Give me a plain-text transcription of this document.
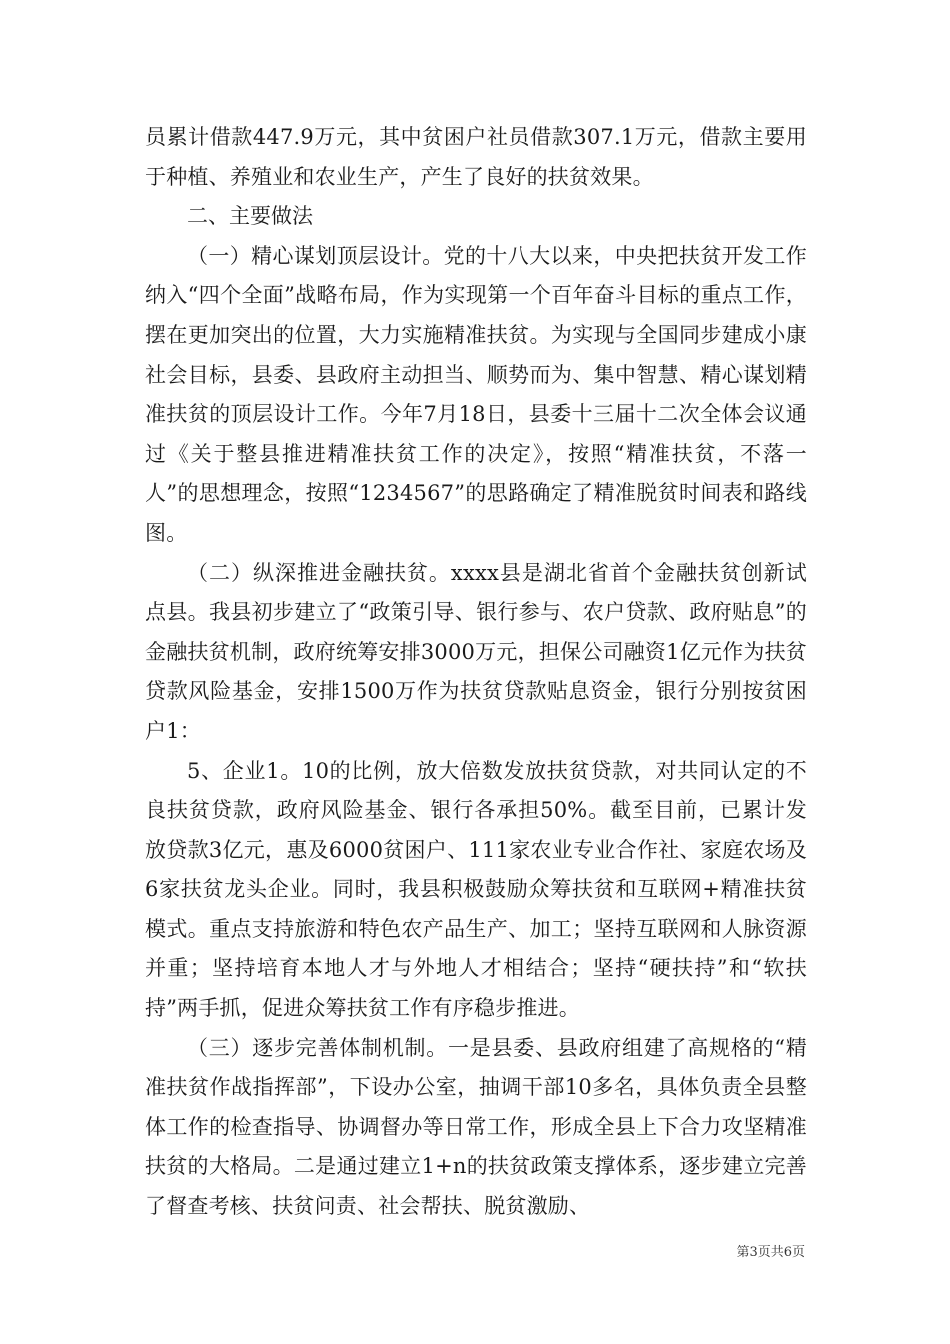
员累计借款447.9万元，其中贫困户社员借款307.1万元，借款主要用于种植、养殖业和农业生产，产生了良好的扶贫效果。

二、主要做法

（一）精心谋划顶层设计。党的十八大以来，中央把扶贫开发工作纳入“四个全面”战略布局，作为实现第一个百年奋斗目标的重点工作，摆在更加突出的位置，大力实施精准扶贫。为实现与全国同步建成小康社会目标，县委、县政府主动担当、顺势而为、集中智慧、精心谋划精准扶贫的顶层设计工作。今年7月18日，县委十三届十二次全体会议通过《关于整县推进精准扶贫工作的决定》，按照“精准扶贫，不落一人”的思想理念，按照“1234567”的思路确定了精准脱贫时间表和路线图。

（二）纵深推进金融扶贫。xxxx县是湖北省首个金融扶贫创新试点县。我县初步建立了“政策引导、银行参与、农户贷款、政府贴息”的金融扶贫机制，政府统筹安排3000万元，担保公司融资1亿元作为扶贫贷款风险基金，安排1500万作为扶贫贷款贴息资金，银行分别按贫困户1：

5、企业1。10的比例，放大倍数发放扶贫贷款，对共同认定的不良扶贫贷款，政府风险基金、银行各承担50%。截至目前，已累计发放贷款3亿元，惠及6000贫困户、111家农业专业合作社、家庭农场及6家扶贫龙头企业。同时，我县积极鼓励众筹扶贫和互联网+精准扶贫模式。重点支持旅游和特色农产品生产、加工；坚持互联网和人脉资源并重；坚持培育本地人才与外地人才相结合；坚持“硬扶持”和“软扶持”两手抓，促进众筹扶贫工作有序稳步推进。

（三）逐步完善体制机制。一是县委、县政府组建了高规格的“精准扶贫作战指挥部”，下设办公室，抽调干部10多名，具体负责全县整体工作的检查指导、协调督办等日常工作，形成全县上下合力攻坚精准扶贫的大格局。二是通过建立1+n的扶贫政策支撑体系，逐步建立完善了督查考核、扶贫问责、社会帮扶、脱贫激励、

第3页共6页
